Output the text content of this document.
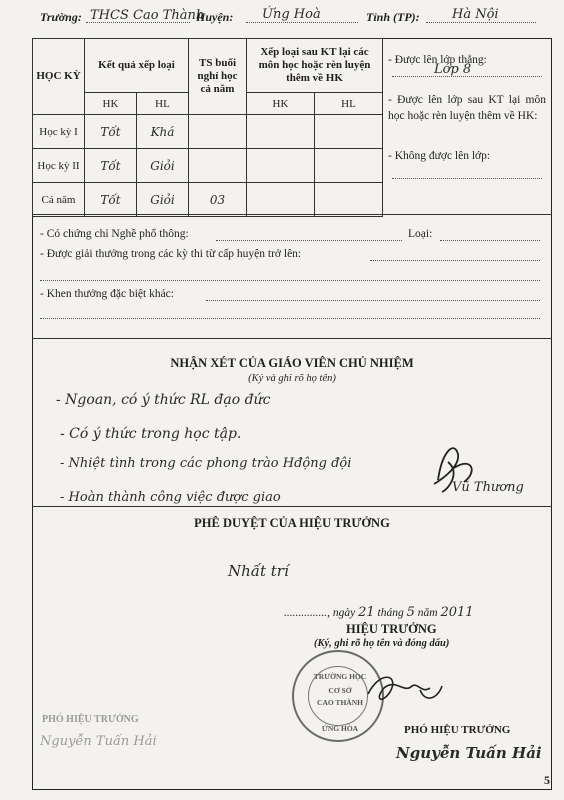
Trường: THCS Cao Thành
Huyện: Ứng Hoà	Tỉnh (TP): Hà Nội
HỌC KỲ	Kết quả xếp loại		TS buổi nghỉ học cả năm	Xếp loại sau KT lại các môn học hoặc rèn luyện thêm về HK	
	HK	HL		HK	HL
Học kỳ I	Tốt	Khá			
Học kỳ II	Tốt	Giỏi			
Cả năm	Tốt	Giỏi	03		
- Được lên lớp thẳng:
Lớp 8
- Được lên lớp sau KT lại môn học hoặc rèn luyện thêm về HK:
- Không được lên lớp:
- Có chứng chỉ Nghề phổ thông:	Loại:
- Được giải thưởng trong các kỳ thi từ cấp huyện trở lên:
- Khen thưởng đặc biệt khác:
NHẬN XÉT CỦA GIÁO VIÊN CHỦ NHIỆM
(Ký và ghi rõ họ tên)
- Ngoan, có ý thức RL đạo đức
- Có ý thức trong học tập.
- Nhiệt tình trong các phong trào Hđộng đội
- Hoàn thành công việc được giao
Vũ Thương
PHÊ DUYỆT CỦA HIỆU TRƯỞNG
Nhất trí
..............., ngày 21 tháng 5 năm 2011
HIỆU TRƯỞNG
(Ký, ghi rõ họ tên và đóng dấu)
TRƯỜNG HỌC
CƠ SỞ
CAO THÀNH
ỨNG HÒA	PHÓ HIỆU TRƯỞNG
Nguyễn Tuấn Hải
PHÓ HIỆU TRƯỞNG
Nguyễn Tuấn Hải
5
